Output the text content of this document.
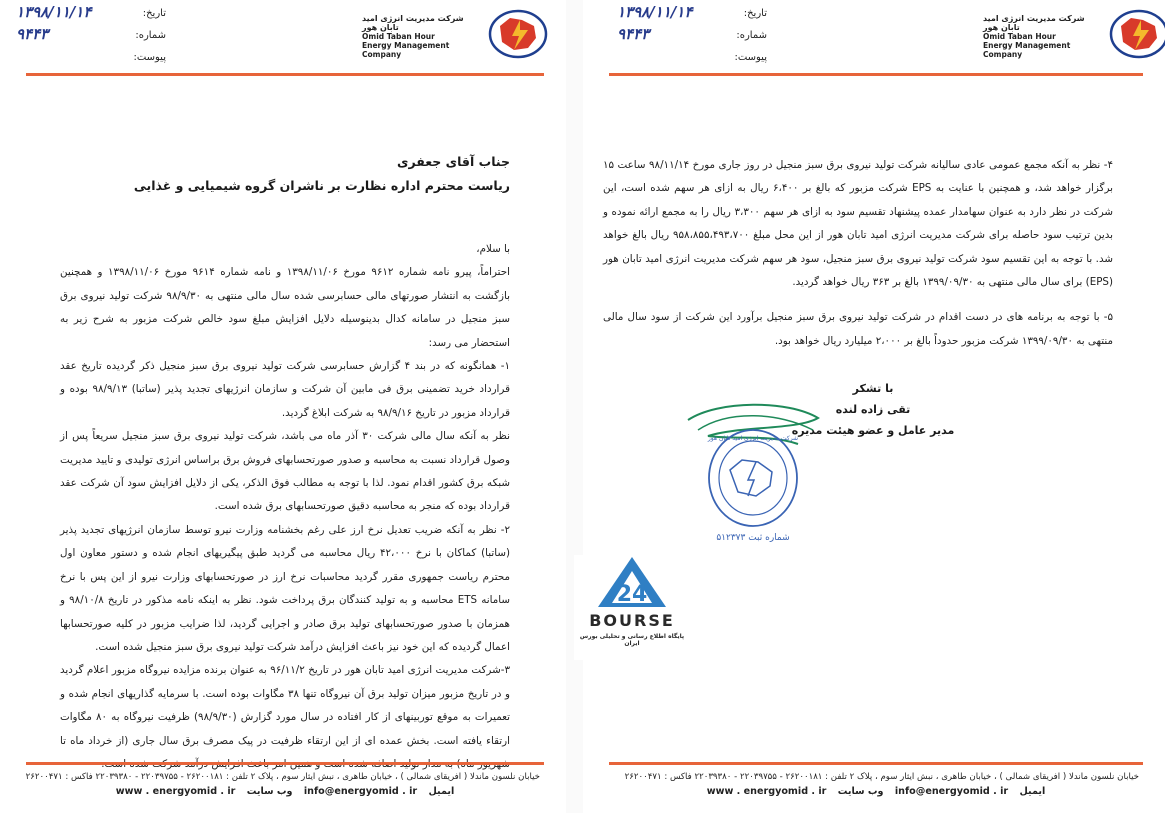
تاریخ:
۱۳۹۸/۱۱/۱۴
شماره:
۹۴۴۳
پیوست:
شرکت مدیریت انرژی امید تابان هور
Omid Taban Hour
Energy Management
Company
جناب آقای جعفری
ریاست محترم اداره نظارت بر ناشران گروه شیمیایی و غذایی

با سلام،

احتراماً، پیرو نامه شماره ۹۶۱۲ مورخ ۱۳۹۸/۱۱/۰۶ و نامه شماره ۹۶۱۴ مورخ ۱۳۹۸/۱۱/۰۶ و همچنین بازگشت به انتشار صورتهای مالی حسابرسی شده سال مالی منتهی به ۹۸/۹/۳۰ شرکت تولید نیروی برق سبز منجیل در سامانه کدال بدینوسیله دلایل افزایش مبلغ سود خالص شرکت مزبور به شرح زیر به استحضار می رسد:

۱- همانگونه که در بند ۴ گزارش حسابرسی شرکت تولید نیروی برق سبز منجیل ذکر گردیده تاریخ عقد قرارداد خرید تضمینی برق فی مابین آن شرکت و سازمان انرژیهای تجدید پذیر (ساتبا) ۹۸/۹/۱۳ بوده و قرارداد مزبور در تاریخ ۹۸/۹/۱۶ به شرکت ابلاغ گردید.

نظر به آنکه سال مالی شرکت ۳۰ آذر ماه می باشد، شرکت تولید نیروی برق سبز منجیل سریعاً پس از وصول قرارداد نسبت به محاسبه و صدور صورتحسابهای فروش برق براساس انرژی تولیدی و تایید مدیریت شبکه برق کشور اقدام نمود. لذا با توجه به مطالب فوق الذکر، یکی از دلایل افزایش سود آن شرکت عقد قرارداد بوده که منجر به محاسبه دقیق صورتحسابهای برق شده است.

۲- نظر به آنکه ضریب تعدیل نرخ ارز علی رغم بخشنامه وزارت نیرو توسط سازمان انرژیهای تجدید پذیر (ساتبا) کماکان با نرخ ۴۲،۰۰۰ ریال محاسبه می گردید طبق پیگیریهای انجام شده و دستور معاون اول محترم ریاست جمهوری مقرر گردید محاسبات نرخ ارز در صورتحسابهای وزارت نیرو از این پس با نرخ سامانه ETS محاسبه و به تولید کنندگان برق پرداخت شود. نظر به اینکه نامه مذکور در تاریخ ۹۸/۱۰/۸ و همزمان با صدور صورتحسابهای تولید برق صادر و اجرایی گردید، لذا ضرایب مزبور در کلیه صورتحسابها اعمال گردیده که این خود نیز باعث افزایش درآمد شرکت تولید نیروی برق سبز منجیل شده است.

۳-شرکت مدیریت انرژی امید تابان هور در تاریخ ۹۶/۱۱/۲ به عنوان برنده مزایده نیروگاه مزبور اعلام گردید و در تاریخ مزبور میزان تولید برق آن نیروگاه تنها ۳۸ مگاوات بوده است. با سرمایه گذاریهای انجام شده و تعمیرات به موقع توربینهای از کار افتاده در سال مورد گزارش (۹۸/۹/۳۰) ظرفیت نیروگاه به ۸۰ مگاوات ارتقاء یافته است. بخش عمده ای از این ارتقاء ظرفیت در پیک مصرف برق سال جاری (از خرداد ماه تا

خیابان نلسون ماندلا ( افریقای شمالی ) ، خیابان طاهری ، نبش ایثار سوم ، پلاک ۲ تلفن : ۲۶۲۰۰۱۸۱ - ۲۲۰۳۹۷۵۵ - ۲۲۰۳۹۳۸۰ فاکس : ۲۶۲۰۰۴۷۱
www . energyomid . ir وب سایت info@energyomid . ir ایمیل
تاریخ:
۱۳۹۸/۱۱/۱۴
شماره:
۹۴۴۳
پیوست:
شرکت مدیریت انرژی امید تابان هور
Omid Taban Hour
Energy Management
Company

۴- نظر به آنکه مجمع عمومی عادی سالیانه شرکت تولید نیروی برق سبز منجیل در روز جاری مورخ ۹۸/۱۱/۱۴ ساعت ۱۵ برگزار خواهد شد، و همچنین با عنایت به EPS شرکت مزبور که بالغ بر ۶،۴۰۰ ریال به ازای هر سهم شده است، این شرکت در نظر دارد به عنوان سهامدار عمده پیشنهاد تقسیم سود به ازای هر سهم ۳،۳۰۰ ریال را به مجمع ارائه نموده و بدین ترتیب سود حاصله برای شرکت مدیریت انرژی امید تابان هور از این محل مبلغ ۹۵۸،۸۵۵،۴۹۳،۷۰۰ ریال بالغ خواهد شد. با توجه به این تقسیم سود شرکت تولید نیروی برق سبز منجیل، سود هر سهم شرکت مدیریت انرژی امید تابان هور (EPS) برای سال مالی منتهی به ۱۳۹۹/۰۹/۳۰ بالغ بر ۳۶۳ ریال خواهد گردید.

۵- با توجه به برنامه های در دست اقدام در شرکت تولید نیروی برق سبز منجیل برآورد این شرکت از سود سال مالی منتهی به ۱۳۹۹/۰۹/۳۰ شرکت مزبور حدوداً بالغ بر ۲،۰۰۰ میلیارد ریال خواهد بود.

با تشکر
تقی زاده لنده
مدیر عامل و عضو هیئت مدیره
شماره ثبت ۵۱۲۳۷۳
شرکت مدیریت انرژی امید تابان هور
خیابان نلسون ماندلا ( افریقای شمالی ) ، خیابان طاهری ، نبش ایثار سوم ، پلاک ۲ تلفن : ۲۶۲۰۰۱۸۱ - ۲۲۰۳۹۷۵۵ - ۲۲۰۳۹۳۸۰ فاکس : ۲۶۲۰۰۴۷۱
www . energyomid . ir وب سایت info@energyomid . ir ایمیل
24
BOURSE
پایگاه اطلاع رسانی و تحلیلی بورس ایران
